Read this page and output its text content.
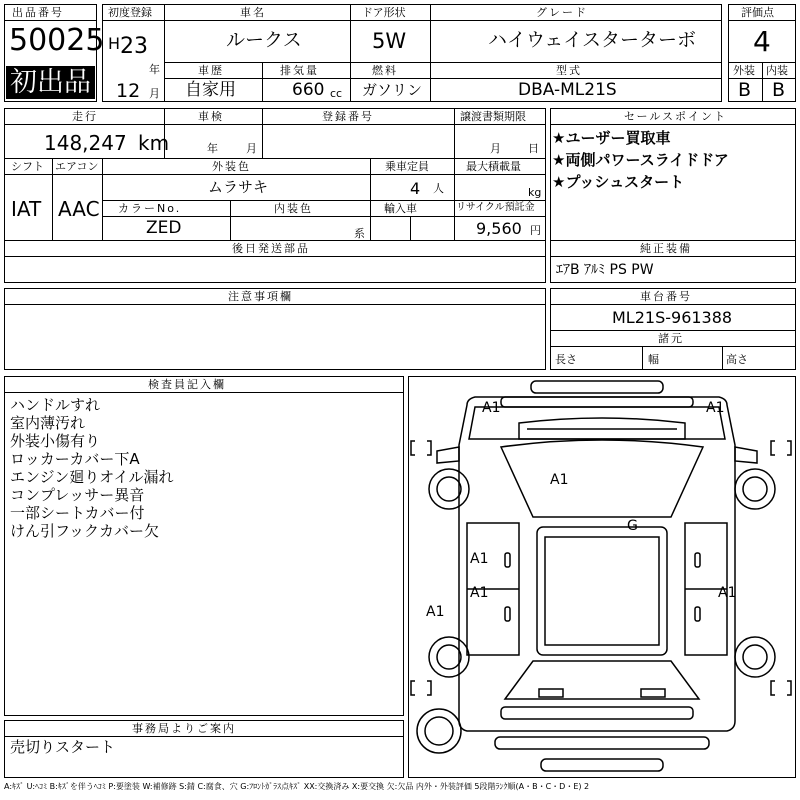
出品番号
50025
初出品
初度登録
H 23
年
12 月
車名
ルークス
ドア形状
5W
グレード
ハイウェイスターターボ
車歴
自家用
排気量
660 cc
燃料
ガソリン
型式
DBA-ML21S
評価点
4
外装 内装
B B
走行
148,247 km
車検
年	月
登録番号	譲渡書類期限
月 日
シフト
IAT
エアコン
AAC
外装色
ムラサキ
乗車定員
4 人
最大積載量
kg
カラーNo.
ZED
内装色
系
輸入車	リサイクル預託金
9,560 円
後日発送部品
セールスポイント
★ユーザー買取車
★両側パワースライドドア
★プッシュスタート
純正装備
ｴｱB ｱﾙﾐ PS PW
注意事項欄	車台番号
ML21S-961388
諸元
長さ	幅	高さ
検査員記入欄
ハンドルすれ
室内薄汚れ
外装小傷有り
ロッカーカバー下A
エンジン廻りオイル漏れ
コンプレッサー異音
一部シートカバー付
けん引フックカバー欠
事務局よりご案内
売切りスタート
A1	A1
A1
G
A1
A1	A1
A1
A:ｷｽﾞ U:ﾍｺﾐ B:ｷｽﾞを伴うﾍｺﾐ P:要塗装 W:補修跡 S:錆 C:腐食、穴 G:ﾌﾛﾝﾄｶﾞﾗｽ点ｷｽﾞ XX:交換済み X:要交換 欠:欠品 内外・外装評価 5段階ﾗﾝｸ順(A・B・C・D・E) 2
